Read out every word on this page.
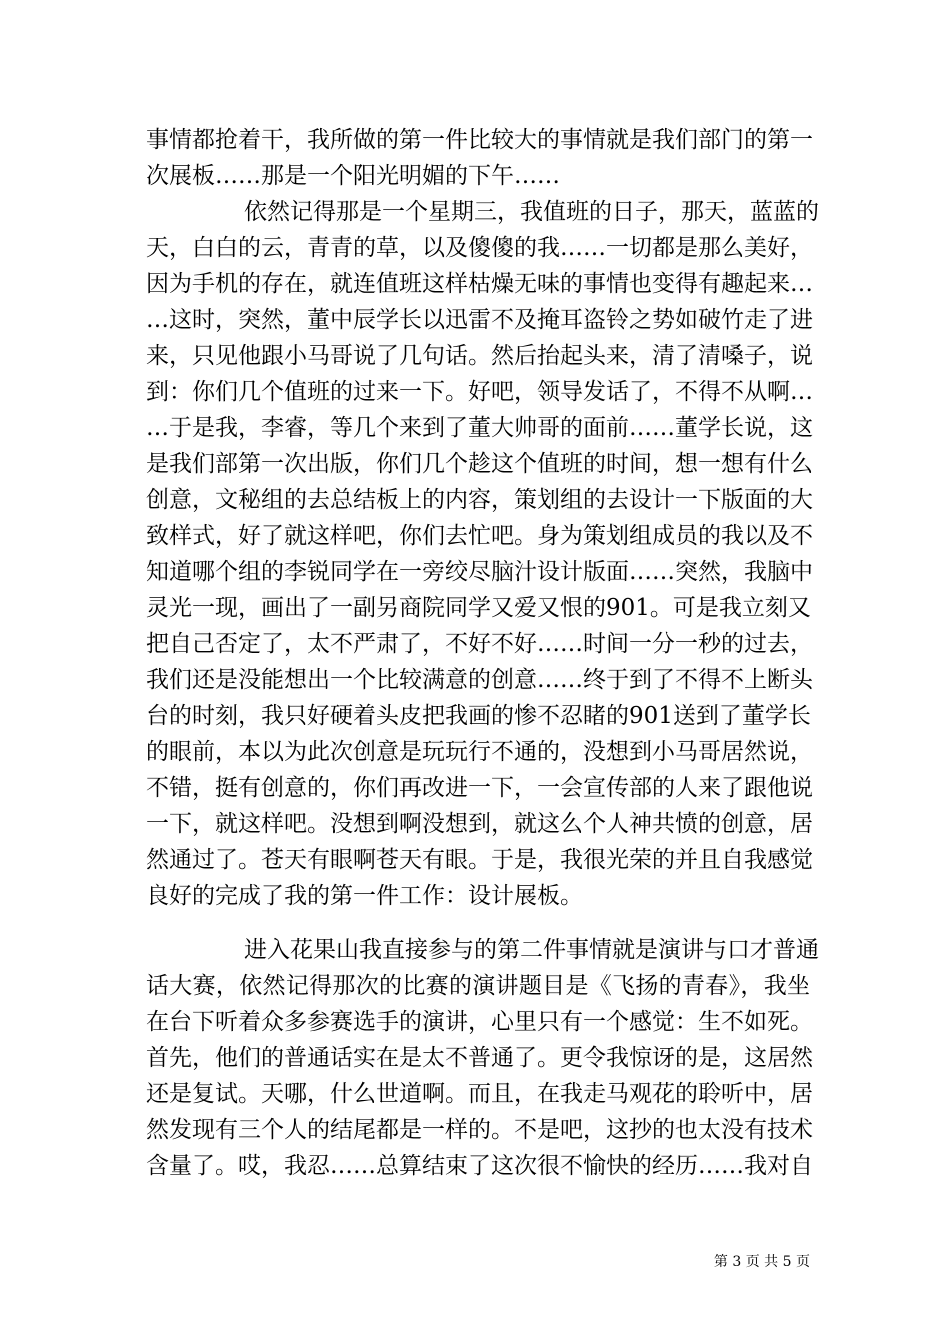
事情都抢着干，我所做的第一件比较大的事情就是我们部门的第一
次展板……那是一个阳光明媚的下午……
依然记得那是一个星期三，我值班的日子，那天，蓝蓝的
天，白白的云，青青的草，以及傻傻的我……一切都是那么美好，
因为手机的存在，就连值班这样枯燥无味的事情也变得有趣起来…
…这时，突然，董中辰学长以迅雷不及掩耳盗铃之势如破竹走了进
来，只见他跟小马哥说了几句话。然后抬起头来，清了清嗓子，说
到：你们几个值班的过来一下。好吧，领导发话了，不得不从啊…
…于是我，李睿，等几个来到了董大帅哥的面前……董学长说，这
是我们部第一次出版，你们几个趁这个值班的时间，想一想有什么
创意，文秘组的去总结板上的内容，策划组的去设计一下版面的大
致样式，好了就这样吧，你们去忙吧。身为策划组成员的我以及不
知道哪个组的李锐同学在一旁绞尽脑汁设计版面……突然，我脑中
灵光一现，画出了一副另商院同学又爱又恨的901。可是我立刻又
把自己否定了，太不严肃了，不好不好……时间一分一秒的过去，
我们还是没能想出一个比较满意的创意……终于到了不得不上断头
台的时刻，我只好硬着头皮把我画的惨不忍睹的901送到了董学长
的眼前，本以为此次创意是玩玩行不通的，没想到小马哥居然说，
不错，挺有创意的，你们再改进一下，一会宣传部的人来了跟他说
一下，就这样吧。没想到啊没想到，就这么个人神共愤的创意，居
然通过了。苍天有眼啊苍天有眼。于是，我很光荣的并且自我感觉
良好的完成了我的第一件工作：设计展板。
进入花果山我直接参与的第二件事情就是演讲与口才普通
话大赛，依然记得那次的比赛的演讲题目是《飞扬的青春》，我坐
在台下听着众多参赛选手的演讲，心里只有一个感觉：生不如死。
首先，他们的普通话实在是太不普通了。更令我惊讶的是，这居然
还是复试。天哪，什么世道啊。而且，在我走马观花的聆听中，居
然发现有三个人的结尾都是一样的。不是吧，这抄的也太没有技术
含量了。哎，我忍……总算结束了这次很不愉快的经历……我对自
第 3 页 共 5 页
